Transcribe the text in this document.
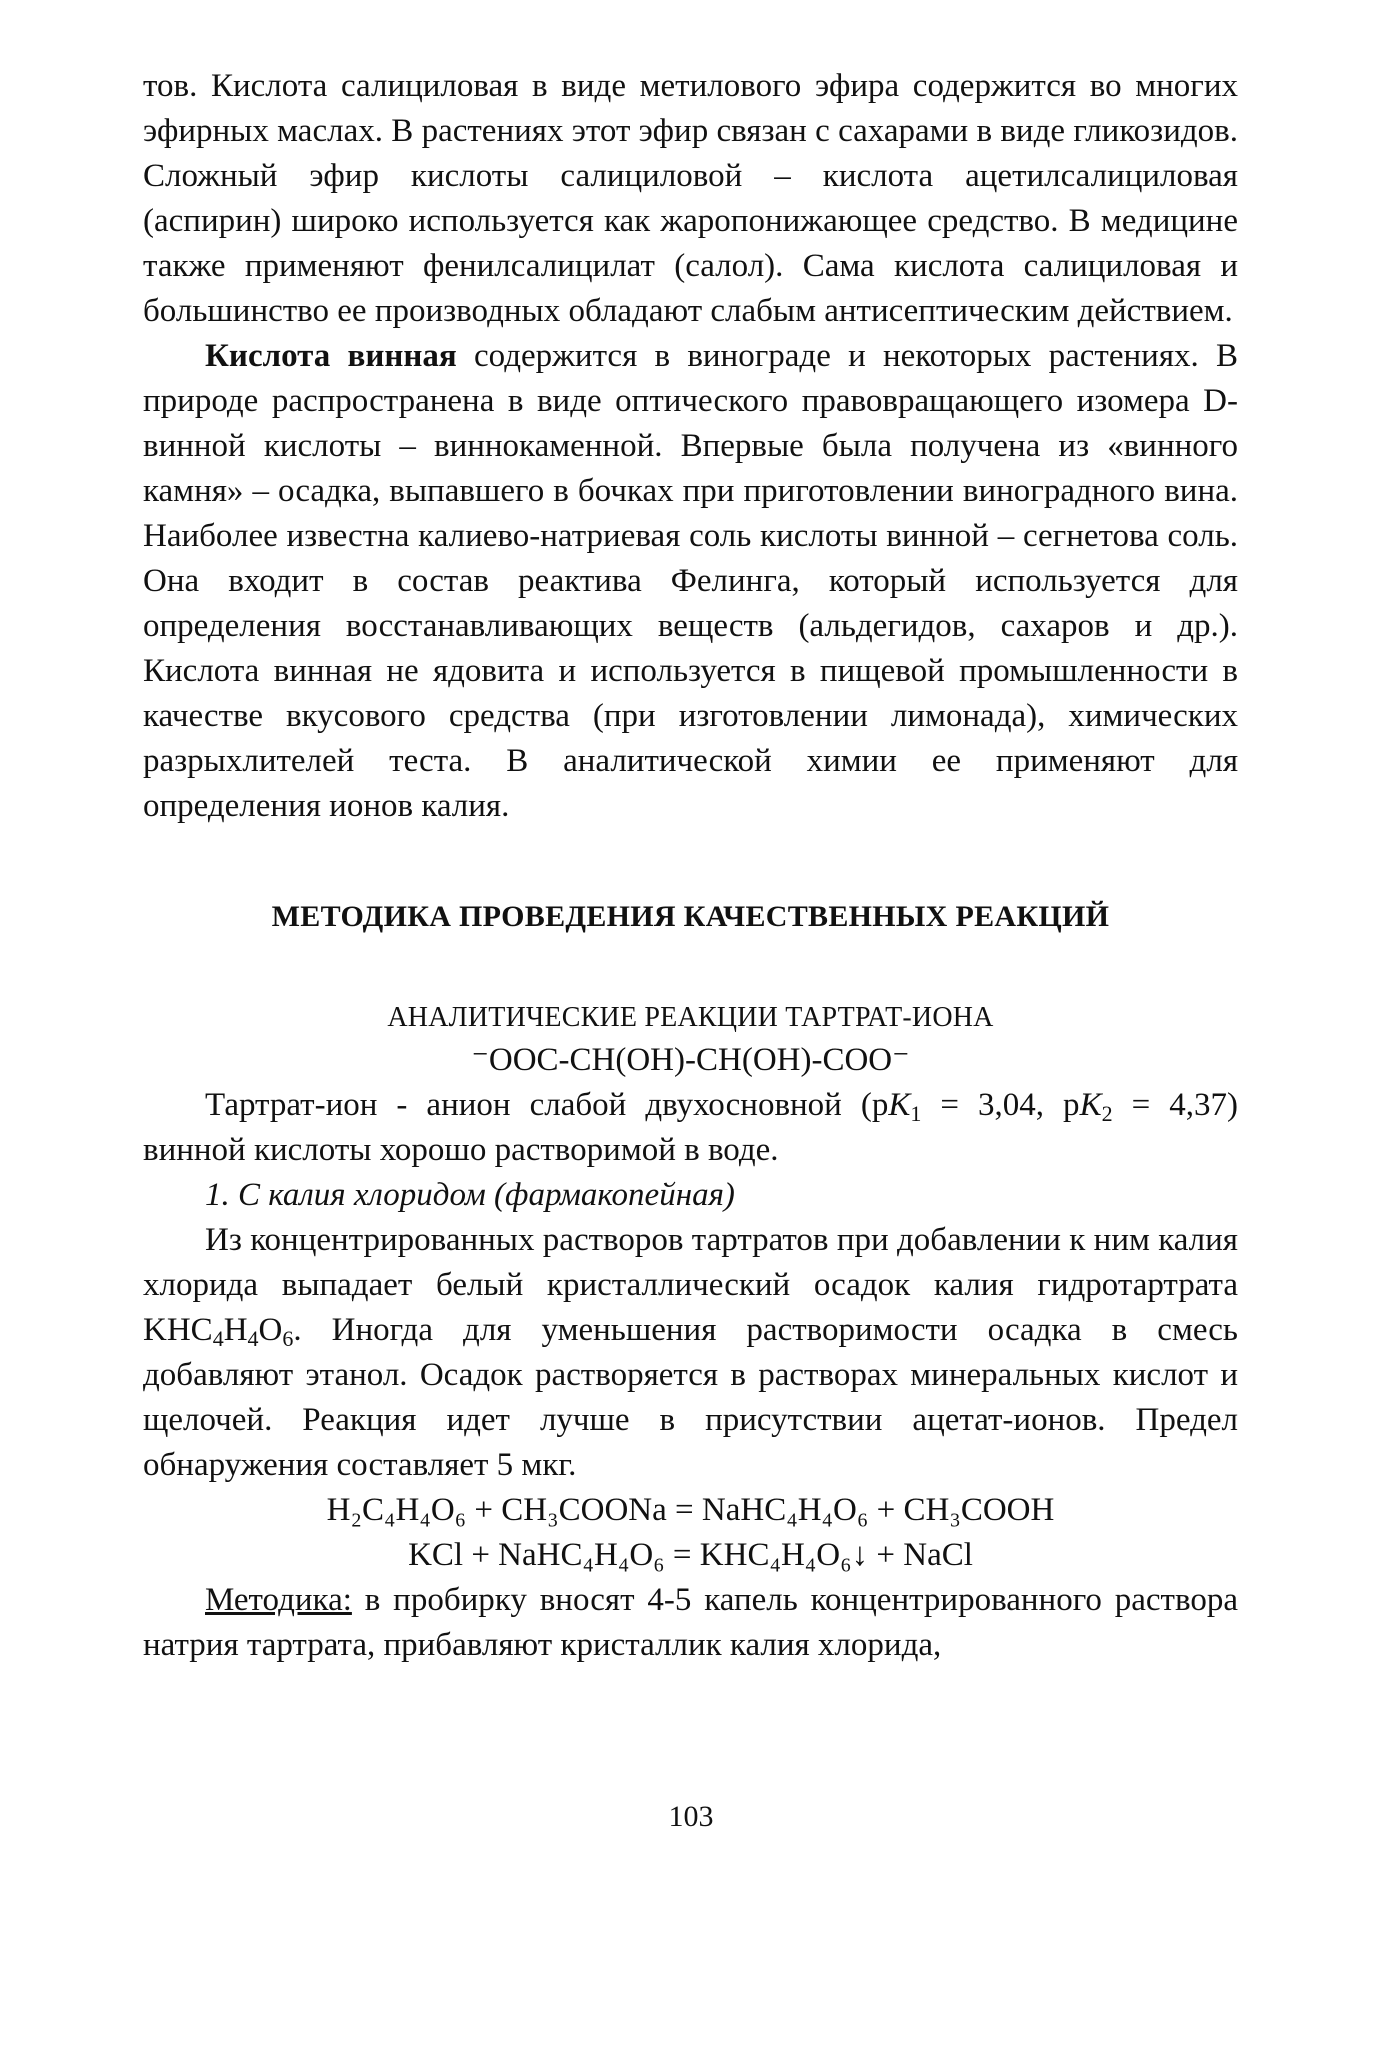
тов. Кислота салициловая в виде метилового эфира содержится во многих эфирных маслах. В растениях этот эфир связан с сахарами в виде гликозидов. Сложный эфир кислоты салициловой – кислота ацетилсалициловая (аспирин) широко используется как жаропонижающее средство. В медицине также применяют фенилсалицилат (салол). Сама кислота салициловая и большинство ее производных обладают слабым антисептическим действием.

Кислота винная содержится в винограде и некоторых растениях. В природе распространена в виде оптического правовращающего изомера D-винной кислоты – виннокаменной. Впервые была получена из «винного камня» – осадка, выпавшего в бочках при приготовлении виноградного вина. Наиболее известна калиево-натриевая соль кислоты винной – сегнетова соль. Она входит в состав реактива Фелинга, который используется для определения восстанавливающих веществ (альдегидов, сахаров и др.). Кислота винная не ядовита и используется в пищевой промышленности в качестве вкусового средства (при изготовлении лимонада), химических разрыхлителей теста. В аналитической химии ее применяют для определения ионов калия.

МЕТОДИКА ПРОВЕДЕНИЯ КАЧЕСТВЕННЫХ РЕАКЦИЙ
АНАЛИТИЧЕСКИЕ РЕАКЦИИ ТАРТРАТ-ИОНА

⁻OOC-CH(OH)-CH(OH)-COO⁻

Тартрат-ион - анион слабой двухосновной ($pK_1 = 3,04$, $pK_2 = 4,37$) винной кислоты хорошо растворимой в воде.

1. С калия хлоридом (фармакопейная)

Из концентрированных растворов тартратов при добавлении к ним калия хлорида выпадает белый кристаллический осадок калия гидротартрата $KHC_4H_4O_6$. Иногда для уменьшения растворимости осадка в смесь добавляют этанол. Осадок растворяется в растворах минеральных кислот и щелочей. Реакция идет лучше в присутствии ацетат-ионов. Предел обнаружения составляет 5 мкг.

H₂C₄H₄O₆ + CH₃COONa = NaHC₄H₄O₆ + CH₃COOH

KCl + NaHC₄H₄O₆ = KHC₄H₄O₆↓ + NaCl

Методика: в пробирку вносят 4-5 капель концентрированного раствора натрия тартрата, прибавляют кристаллик калия хлорида,

103
